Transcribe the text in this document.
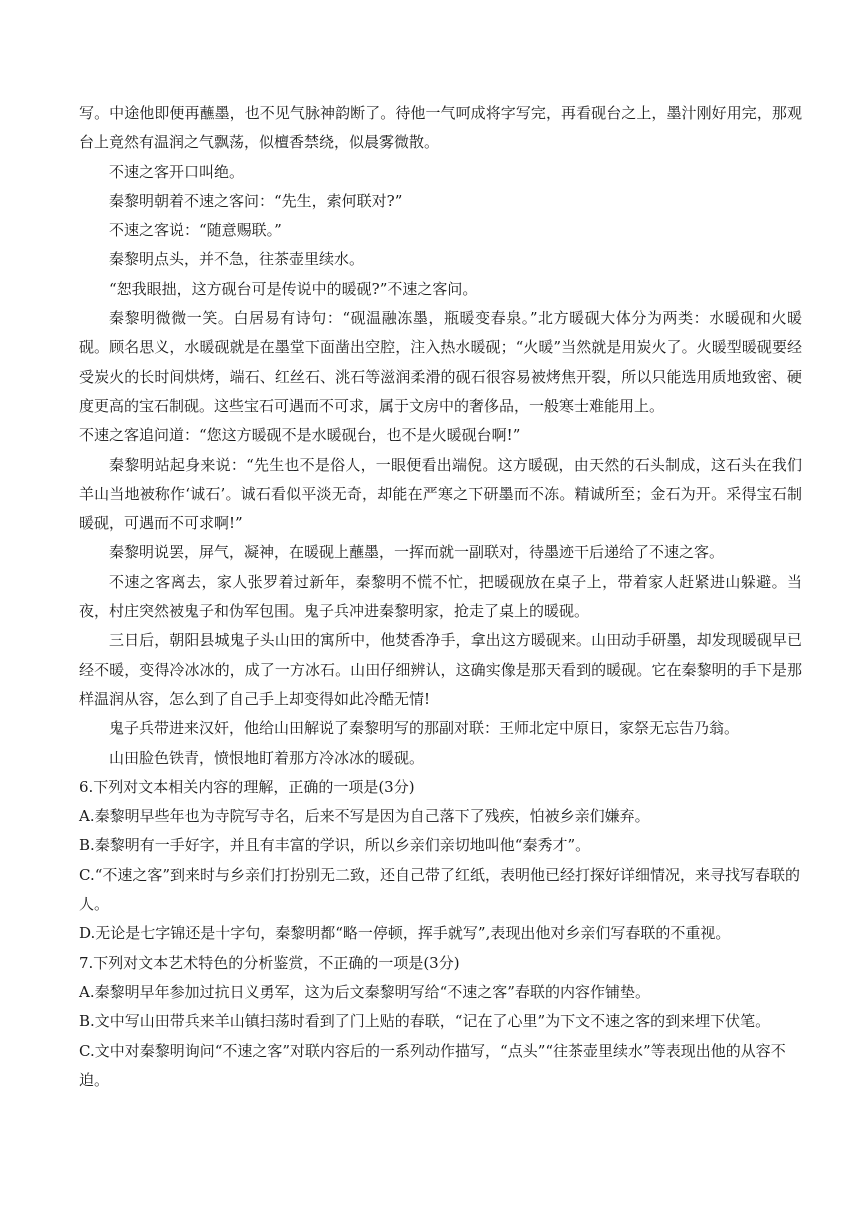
写。中途他即便再蘸墨，也不见气脉神韵断了。待他一气呵成将字写完，再看砚台之上，墨汁刚好用完，那观台上竟然有温润之气飘荡，似檀香禁绕，似晨雾微散。

不速之客开口叫绝。

秦黎明朝着不速之客问：“先生，索何联对?”

不速之客说：“随意赐联。”

秦黎明点头，并不急，往茶壶里续水。

“恕我眼拙，这方砚台可是传说中的暖砚?”不速之客问。

秦黎明微微一笑。白居易有诗句：“砚温融冻墨，瓶暖变春泉。”北方暖砚大体分为两类：水暖砚和火暖砚。顾名思义，水暖砚就是在墨堂下面凿出空腔，注入热水暖砚；“火暖”当然就是用炭火了。火暖型暖砚要经受炭火的长时间烘烤，端石、红丝石、洮石等滋润柔滑的砚石很容易被烤焦开裂，所以只能选用质地致密、硬度更高的宝石制砚。这些宝石可遇而不可求，属于文房中的奢侈品，一般寒士难能用上。

不速之客追问道：“您这方暖砚不是水暖砚台，也不是火暖砚台啊!”

秦黎明站起身来说：“先生也不是俗人，一眼便看出端倪。这方暖砚，由天然的石头制成，这石头在我们羊山当地被称作‘诚石’。诚石看似平淡无奇，却能在严寒之下研墨而不冻。精诚所至；金石为开。采得宝石制暖砚，可遇而不可求啊!”

秦黎明说罢，屏气，凝神，在暖砚上蘸墨，一挥而就一副联对，待墨迹干后递给了不速之客。

不速之客离去，家人张罗着过新年，秦黎明不慌不忙，把暖砚放在桌子上，带着家人赶紧进山躲避。当夜，村庄突然被鬼子和伪军包围。鬼子兵冲进秦黎明家，抢走了桌上的暖砚。

三日后，朝阳县城鬼子头山田的寓所中，他焚香净手，拿出这方暖砚来。山田动手研墨，却发现暖砚早已经不暖，变得冷冰冰的，成了一方冰石。山田仔细辨认，这确实像是那天看到的暖砚。它在秦黎明的手下是那样温润从容，怎么到了自己手上却变得如此冷酷无情!

鬼子兵带进来汉奸，他给山田解说了秦黎明写的那副对联：王师北定中原日，家祭无忘告乃翁。

山田脸色铁青，愤恨地盯着那方冷冰冰的暖砚。

6.下列对文本相关内容的理解，正确的一项是(3分)

A.秦黎明早些年也为寺院写寺名，后来不写是因为自己落下了残疾，怕被乡亲们嫌弃。

B.秦黎明有一手好字，并且有丰富的学识，所以乡亲们亲切地叫他“秦秀才”。

C.“不速之客”到来时与乡亲们打扮别无二致，还自己带了红纸，表明他已经打探好详细情况，来寻找写春联的人。

D.无论是七字锦还是十字句，秦黎明都“略一停顿，挥手就写”,表现出他对乡亲们写春联的不重视。

7.下列对文本艺术特色的分析鉴赏，不正确的一项是(3分)

A.秦黎明早年参加过抗日义勇军，这为后文秦黎明写给“不速之客”春联的内容作铺垫。

B.文中写山田带兵来羊山镇扫荡时看到了门上贴的春联，“记在了心里”为下文不速之客的到来埋下伏笔。

C.文中对秦黎明询问“不速之客”对联内容后的一系列动作描写，“点头”“往茶壶里续水”等表现出他的从容不迫。
